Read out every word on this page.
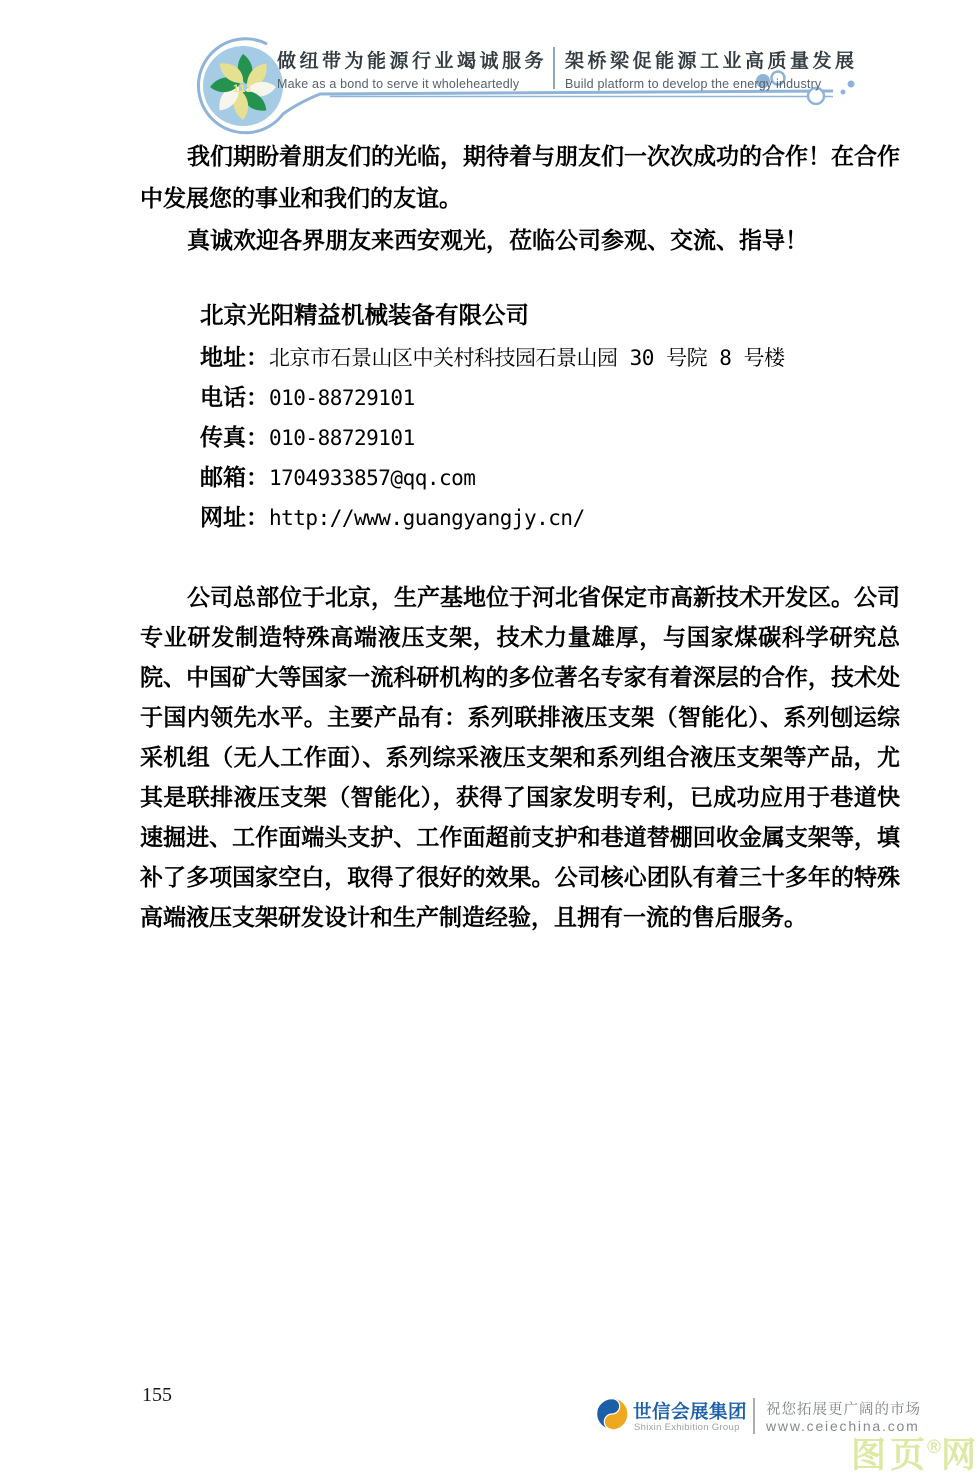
111
做纽带为能源行业竭诚服务
Make as a bond to serve it wholeheartedly
架桥梁促能源工业高质量发展
Build platform to develop the energy industry

我们期盼着朋友们的光临，期待着与朋友们一次次成功的合作！在合作中发展您的事业和我们的友谊。

真诚欢迎各界朋友来西安观光，莅临公司参观、交流、指导！

北京光阳精益机械装备有限公司
地址：北京市石景山区中关村科技园石景山园 30 号院 8 号楼
电话：010-88729101
传真：010-88729101
邮箱：1704933857@qq.com
网址：http://www.guangyangjy.cn/

公司总部位于北京，生产基地位于河北省保定市高新技术开发区。公司专业研发制造特殊高端液压支架，技术力量雄厚，与国家煤碳科学研究总院、中国矿大等国家一流科研机构的多位著名专家有着深层的合作，技术处于国内领先水平。主要产品有：系列联排液压支架（智能化）、系列刨运综采机组（无人工作面）、系列综采液压支架和系列组合液压支架等产品，尤其是联排液压支架（智能化），获得了国家发明专利，已成功应用于巷道快速掘进、工作面端头支护、工作面超前支护和巷道替棚回收金属支架等，填补了多项国家空白，取得了很好的效果。公司核心团队有着三十多年的特殊高端液压支架研发设计和生产制造经验，且拥有一流的售后服务。

155
世信会展集团
Shixin Exhibition Group
祝您拓展更广阔的市场
www.ceiechina.com
图页®网
